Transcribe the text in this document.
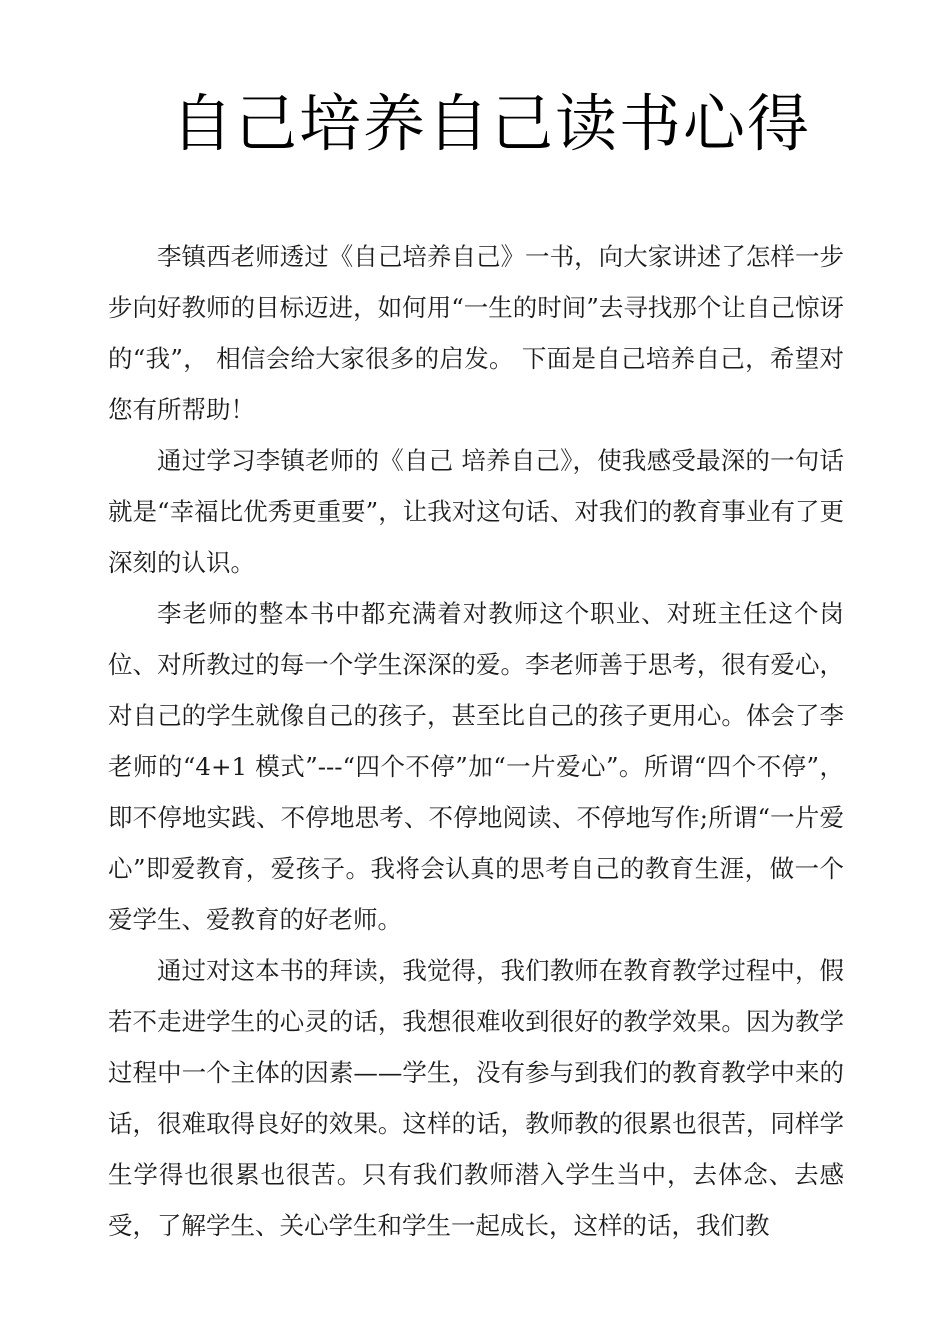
自己培养自己读书心得

李镇西老师透过《自己培养自己》一书，向大家讲述了怎样一步步向好教师的目标迈进，如何用“一生的时间”去寻找那个让自己惊讶的“我”， 相信会给大家很多的启发。 下面是自己培养自己，希望对您有所帮助！

通过学习李镇老师的《自己 培养自己》，使我感受最深的一句话就是“幸福比优秀更重要”，让我对这句话、对我们的教育事业有了更深刻的认识。

李老师的整本书中都充满着对教师这个职业、对班主任这个岗位、对所教过的每一个学生深深的爱。李老师善于思考，很有爱心，对自己的学生就像自己的孩子，甚至比自己的孩子更用心。体会了李老师的“4+1 模式”---“四个不停”加“一片爱心”。所谓“四个不停”，即不停地实践、不停地思考、不停地阅读、不停地写作;所谓“一片爱心”即爱教育，爱孩子。我将会认真的思考自己的教育生涯，做一个爱学生、爱教育的好老师。

通过对这本书的拜读，我觉得，我们教师在教育教学过程中，假若不走进学生的心灵的话，我想很难收到很好的教学效果。因为教学过程中一个主体的因素——学生，没有参与到我们的教育教学中来的话，很难取得良好的效果。这样的话，教师教的很累也很苦，同样学生学得也很累也很苦。只有我们教师潜入学生当中，去体念、去感受，了解学生、关心学生和学生一起成长，这样的话，我们教
